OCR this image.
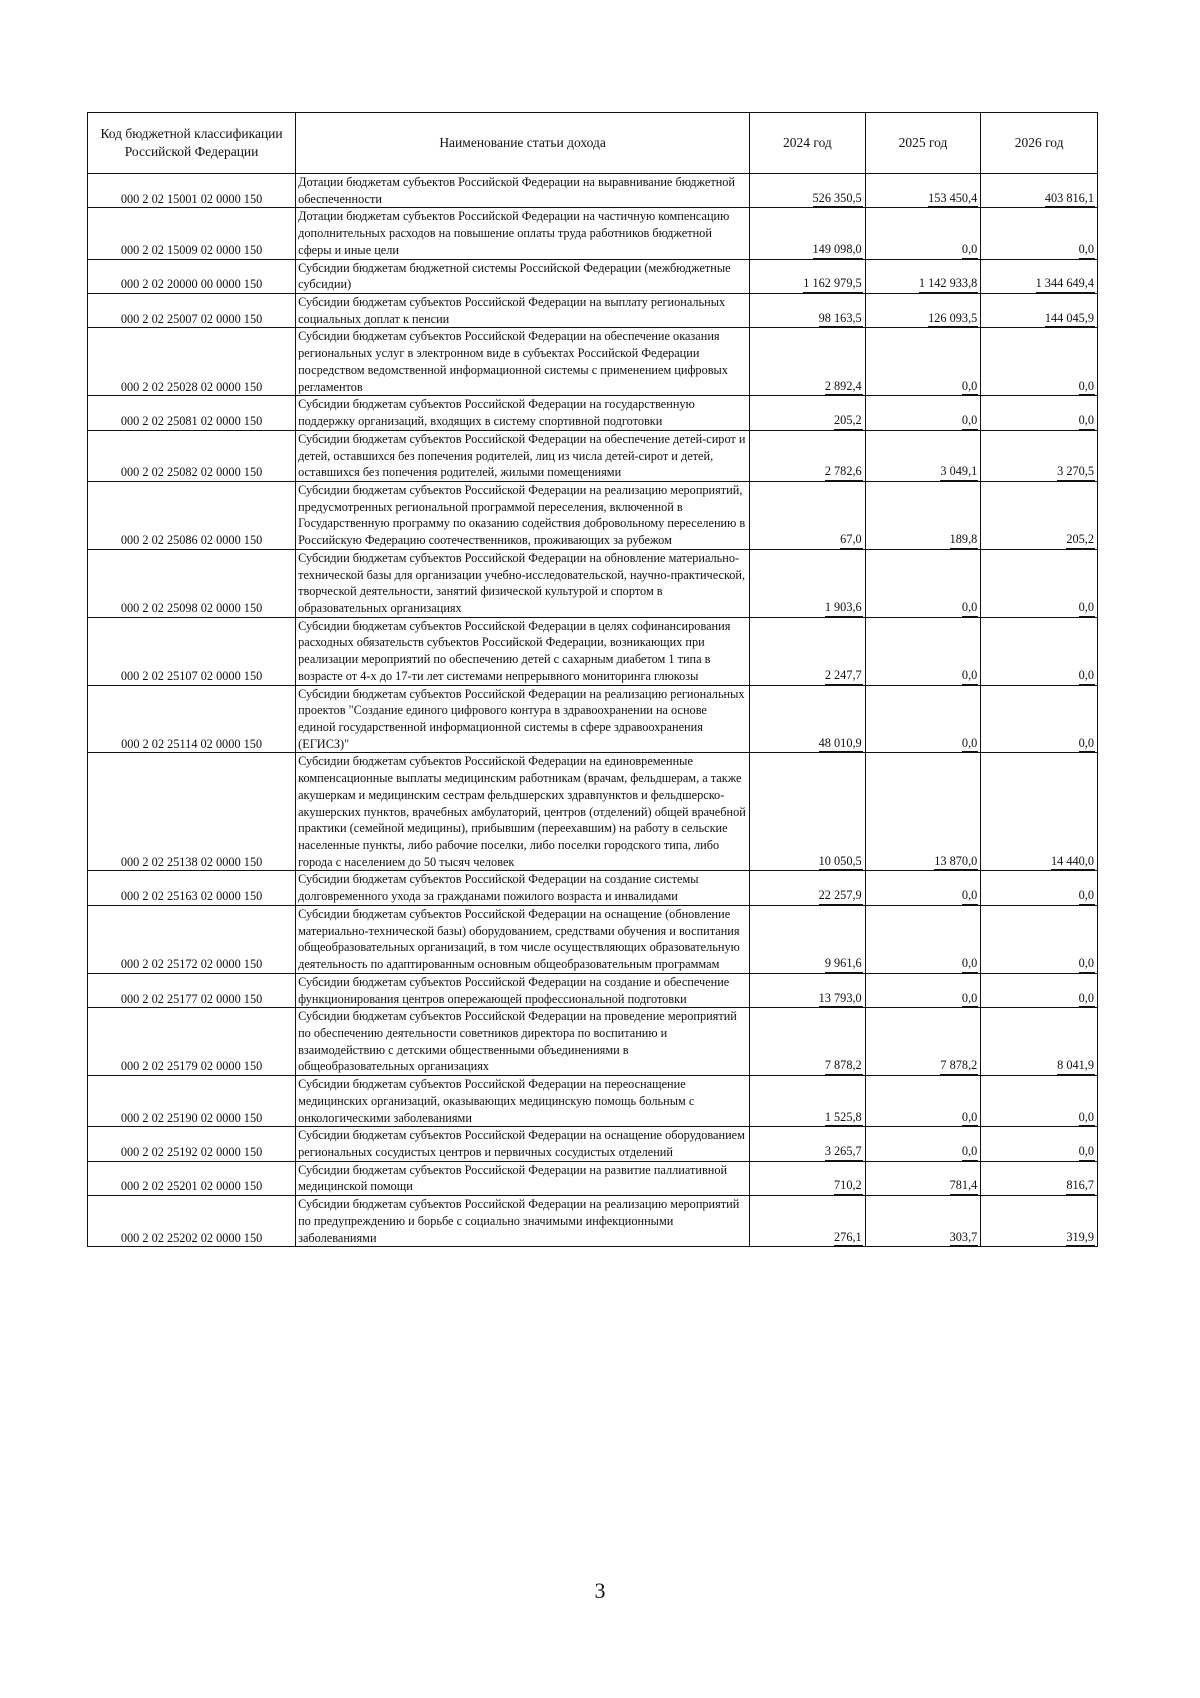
Код бюджетной классификации Российской Федерации	Наименование статьи дохода	2024 год	2025 год	2026 год
000 2 02 15001 02 0000 150	Дотации бюджетам субъектов Российской Федерации на выравнивание бюджетной обеспеченности	526 350,5	153 450,4	403 816,1
000 2 02 15009 02 0000 150	Дотации бюджетам субъектов Российской Федерации на частичную компенсацию дополнительных расходов на повышение оплаты труда работников бюджетной сферы и иные цели	149 098,0	0,0	0,0
000 2 02 20000 00 0000 150	Субсидии бюджетам бюджетной системы Российской Федерации (межбюджетные субсидии)	1 162 979,5	1 142 933,8	1 344 649,4
000 2 02 25007 02 0000 150	Субсидии бюджетам субъектов Российской Федерации на выплату региональных социальных доплат к пенсии	98 163,5	126 093,5	144 045,9
000 2 02 25028 02 0000 150	Субсидии бюджетам субъектов Российской Федерации на обеспечение оказания региональных услуг в электронном виде в субъектах Российской Федерации посредством ведомственной информационной системы с применением цифровых регламентов	2 892,4	0,0	0,0
000 2 02 25081 02 0000 150	Субсидии бюджетам субъектов Российской Федерации на государственную поддержку организаций, входящих в систему спортивной подготовки	205,2	0,0	0,0
000 2 02 25082 02 0000 150	Субсидии бюджетам субъектов Российской Федерации на обеспечение детей-сирот и детей, оставшихся без попечения родителей, лиц из числа детей-сирот и детей, оставшихся без попечения родителей, жилыми помещениями	2 782,6	3 049,1	3 270,5
000 2 02 25086 02 0000 150	Субсидии бюджетам субъектов Российской Федерации на реализацию мероприятий, предусмотренных региональной программой переселения, включенной в Государственную программу по оказанию содействия добровольному переселению в Российскую Федерацию соотечественников, проживающих за рубежом	67,0	189,8	205,2
000 2 02 25098 02 0000 150	Субсидии бюджетам субъектов Российской Федерации на обновление материально-технической базы для организации учебно-исследовательской, научно-практической, творческой деятельности, занятий физической культурой и спортом в образовательных организациях	1 903,6	0,0	0,0
000 2 02 25107 02 0000 150	Субсидии бюджетам субъектов Российской Федерации в целях софинансирования расходных обязательств субъектов Российской Федерации, возникающих при реализации мероприятий по обеспечению детей с сахарным диабетом 1 типа в возрасте от 4-х до 17-ти лет системами непрерывного мониторинга глюкозы	2 247,7	0,0	0,0
000 2 02 25114 02 0000 150	Субсидии бюджетам субъектов Российской Федерации на реализацию региональных проектов "Создание единого цифрового контура в здравоохранении на основе единой государственной информационной системы в сфере здравоохранения (ЕГИСЗ)"	48 010,9	0,0	0,0
000 2 02 25138 02 0000 150	Субсидии бюджетам субъектов Российской Федерации на единовременные компенсационные выплаты медицинским работникам (врачам, фельдшерам, а также акушеркам и медицинским сестрам фельдшерских здравпунктов и фельдшерско-акушерских пунктов, врачебных амбулаторий, центров (отделений) общей врачебной практики (семейной медицины), прибывшим (переехавшим) на работу в сельские населенные пункты, либо рабочие поселки, либо поселки городского типа, либо города с населением до 50 тысяч человек	10 050,5	13 870,0	14 440,0
000 2 02 25163 02 0000 150	Субсидии бюджетам субъектов Российской Федерации на создание системы долговременного ухода за гражданами пожилого возраста и инвалидами	22 257,9	0,0	0,0
000 2 02 25172 02 0000 150	Субсидии бюджетам субъектов Российской Федерации на оснащение (обновление материально-технической базы) оборудованием, средствами обучения и воспитания общеобразовательных организаций, в том числе осуществляющих образовательную деятельность по адаптированным основным общеобразовательным программам	9 961,6	0,0	0,0
000 2 02 25177 02 0000 150	Субсидии бюджетам субъектов Российской Федерации на создание и обеспечение функционирования центров опережающей профессиональной подготовки	13 793,0	0,0	0,0
000 2 02 25179 02 0000 150	Субсидии бюджетам субъектов Российской Федерации на проведение мероприятий по обеспечению деятельности советников директора по воспитанию и взаимодействию с детскими общественными объединениями в общеобразовательных организациях	7 878,2	7 878,2	8 041,9
000 2 02 25190 02 0000 150	Субсидии бюджетам субъектов Российской Федерации на переоснащение медицинских организаций, оказывающих медицинскую помощь больным с онкологическими заболеваниями	1 525,8	0,0	0,0
000 2 02 25192 02 0000 150	Субсидии бюджетам субъектов Российской Федерации на оснащение оборудованием региональных сосудистых центров и первичных сосудистых отделений	3 265,7	0,0	0,0
000 2 02 25201 02 0000 150	Субсидии бюджетам субъектов Российской Федерации на развитие паллиативной медицинской помощи	710,2	781,4	816,7
000 2 02 25202 02 0000 150	Субсидии бюджетам субъектов Российской Федерации на реализацию мероприятий по предупреждению и борьбе с социально значимыми инфекционными заболеваниями	276,1	303,7	319,9
3
